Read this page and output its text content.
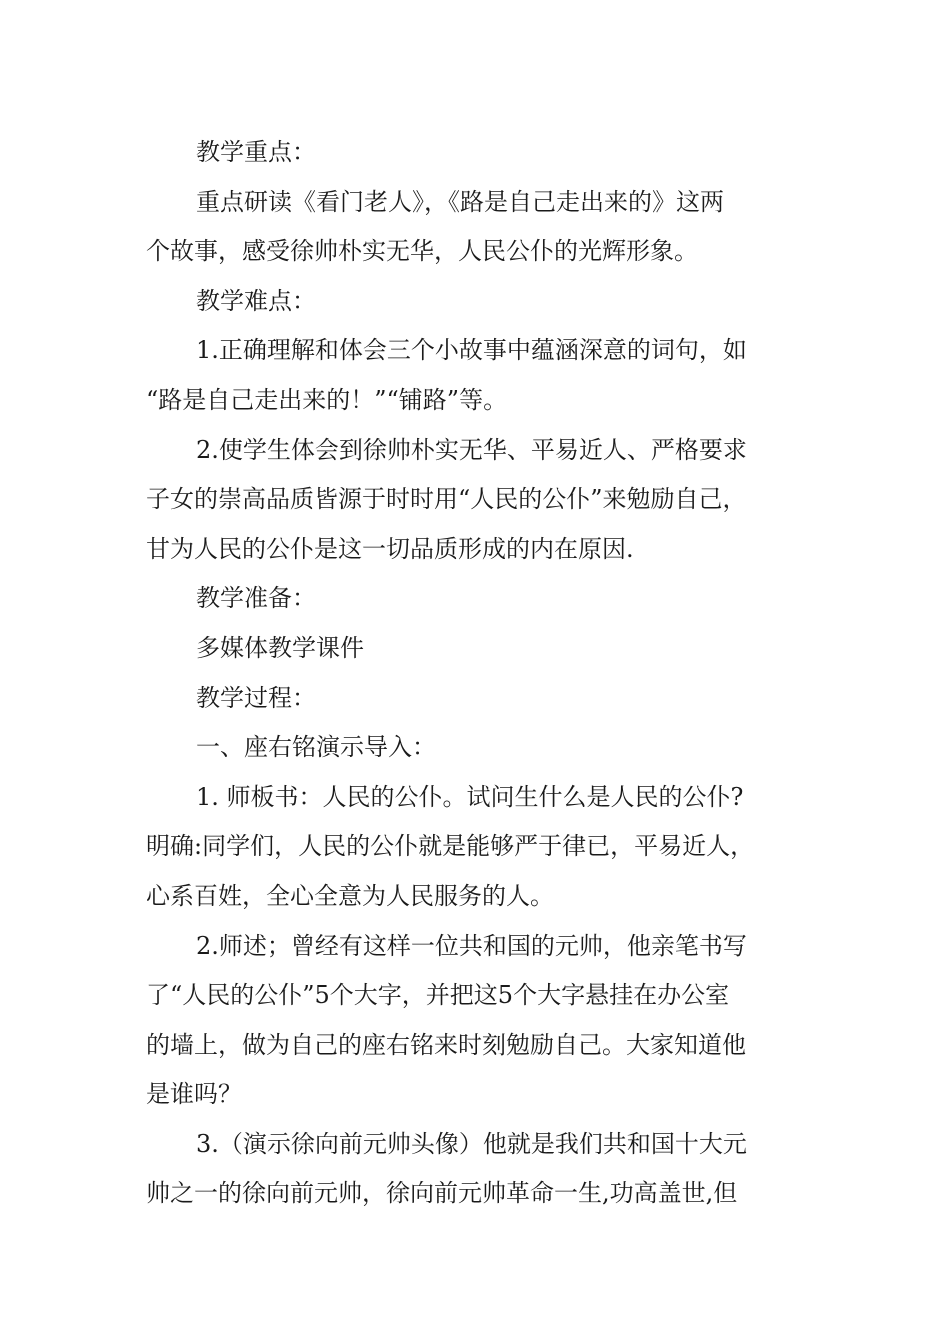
教学重点：

重点研读《看门老人》，《路是自己走出来的》这两
个故事，感受徐帅朴实无华，人民公仆的光辉形象。

教学难点：

1.正确理解和体会三个小故事中蕴涵深意的词句，如
“路是自己走出来的！”“铺路”等。

2.使学生体会到徐帅朴实无华、平易近人、严格要求
子女的崇高品质皆源于时时用“人民的公仆”来勉励自己，
甘为人民的公仆是这一切品质形成的内在原因.

教学准备：

多媒体教学课件

教学过程：

一、座右铭演示导入：

1. 师板书：人民的公仆。试问生什么是人民的公仆?
明确:同学们，人民的公仆就是能够严于律已，平易近人，
心系百姓，全心全意为人民服务的人。

2.师述；曾经有这样一位共和国的元帅，他亲笔书写
了“人民的公仆”5个大字，并把这5个大字悬挂在办公室
的墙上，做为自己的座右铭来时刻勉励自己。大家知道他
是谁吗？

3.（演示徐向前元帅头像）他就是我们共和国十大元
帅之一的徐向前元帅，徐向前元帅革命一生,功高盖世,但
